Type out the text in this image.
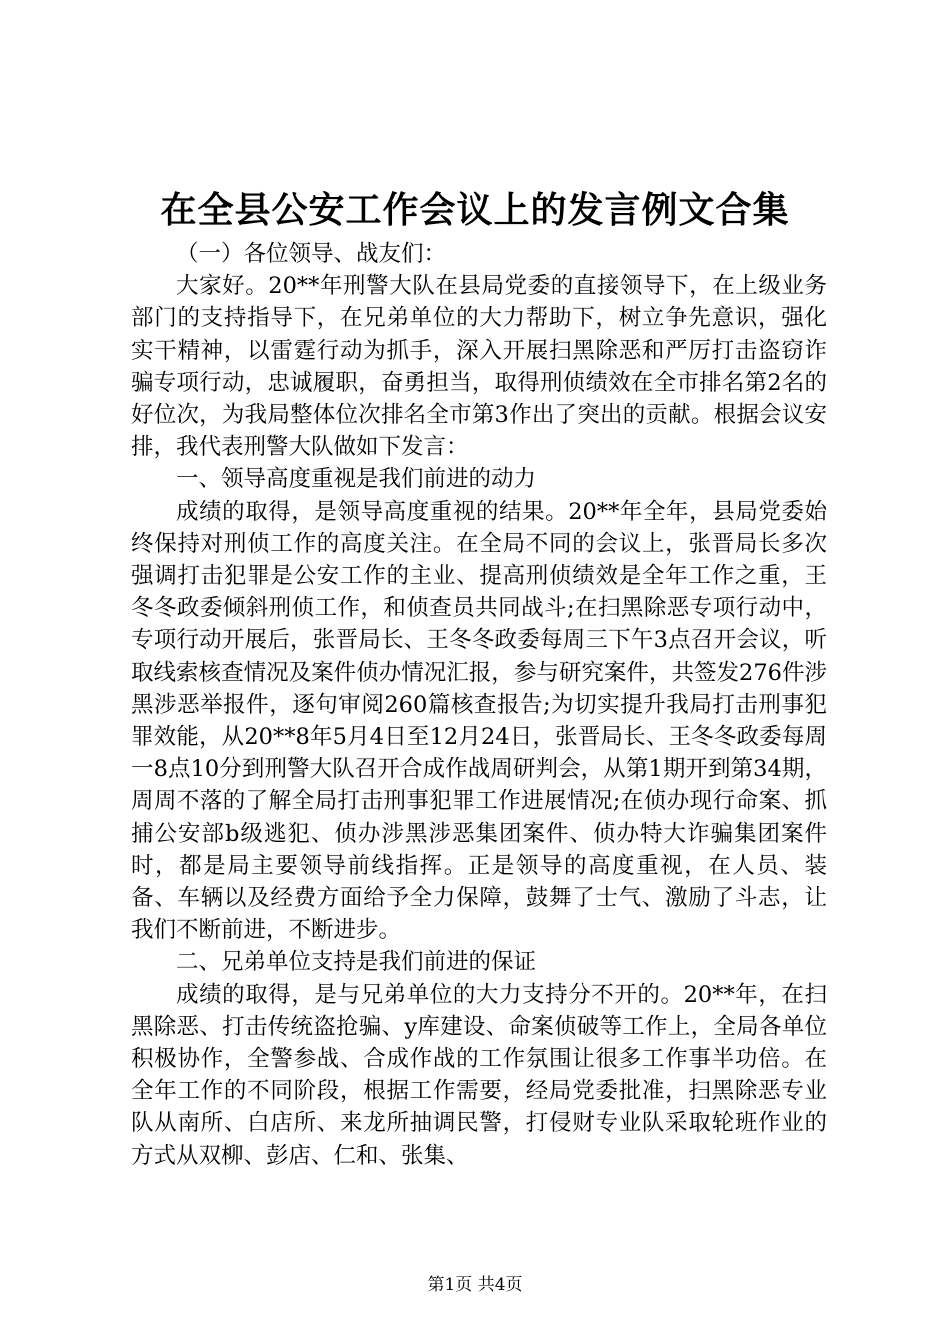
在全县公安工作会议上的发言例文合集

（一）各位领导、战友们：

大家好。20**年刑警大队在县局党委的直接领导下，在上级业务部门的支持指导下，在兄弟单位的大力帮助下，树立争先意识，强化实干精神，以雷霆行动为抓手，深入开展扫黑除恶和严厉打击盗窃诈骗专项行动，忠诚履职，奋勇担当，取得刑侦绩效在全市排名第2名的好位次，为我局整体位次排名全市第3作出了突出的贡献。根据会议安排，我代表刑警大队做如下发言：

一、领导高度重视是我们前进的动力

成绩的取得，是领导高度重视的结果。20**年全年，县局党委始终保持对刑侦工作的高度关注。在全局不同的会议上，张晋局长多次强调打击犯罪是公安工作的主业、提高刑侦绩效是全年工作之重，王冬冬政委倾斜刑侦工作，和侦查员共同战斗;在扫黑除恶专项行动中，专项行动开展后，张晋局长、王冬冬政委每周三下午3点召开会议，听取线索核查情况及案件侦办情况汇报，参与研究案件，共签发276件涉黑涉恶举报件，逐句审阅260篇核查报告;为切实提升我局打击刑事犯罪效能，从20**8年5月4日至12月24日，张晋局长、王冬冬政委每周一8点10分到刑警大队召开合成作战周研判会，从第1期开到第34期，周周不落的了解全局打击刑事犯罪工作进展情况;在侦办现行命案、抓捕公安部b级逃犯、侦办涉黑涉恶集团案件、侦办特大诈骗集团案件时，都是局主要领导前线指挥。正是领导的高度重视，在人员、装备、车辆以及经费方面给予全力保障，鼓舞了士气、激励了斗志，让我们不断前进，不断进步。

二、兄弟单位支持是我们前进的保证

成绩的取得，是与兄弟单位的大力支持分不开的。20**年，在扫黑除恶、打击传统盗抢骗、y库建设、命案侦破等工作上，全局各单位积极协作，全警参战、合成作战的工作氛围让很多工作事半功倍。在全年工作的不同阶段，根据工作需要，经局党委批准，扫黑除恶专业队从南所、白店所、来龙所抽调民警，打侵财专业队采取轮班作业的方式从双柳、彭店、仁和、张集、

第1页 共4页
